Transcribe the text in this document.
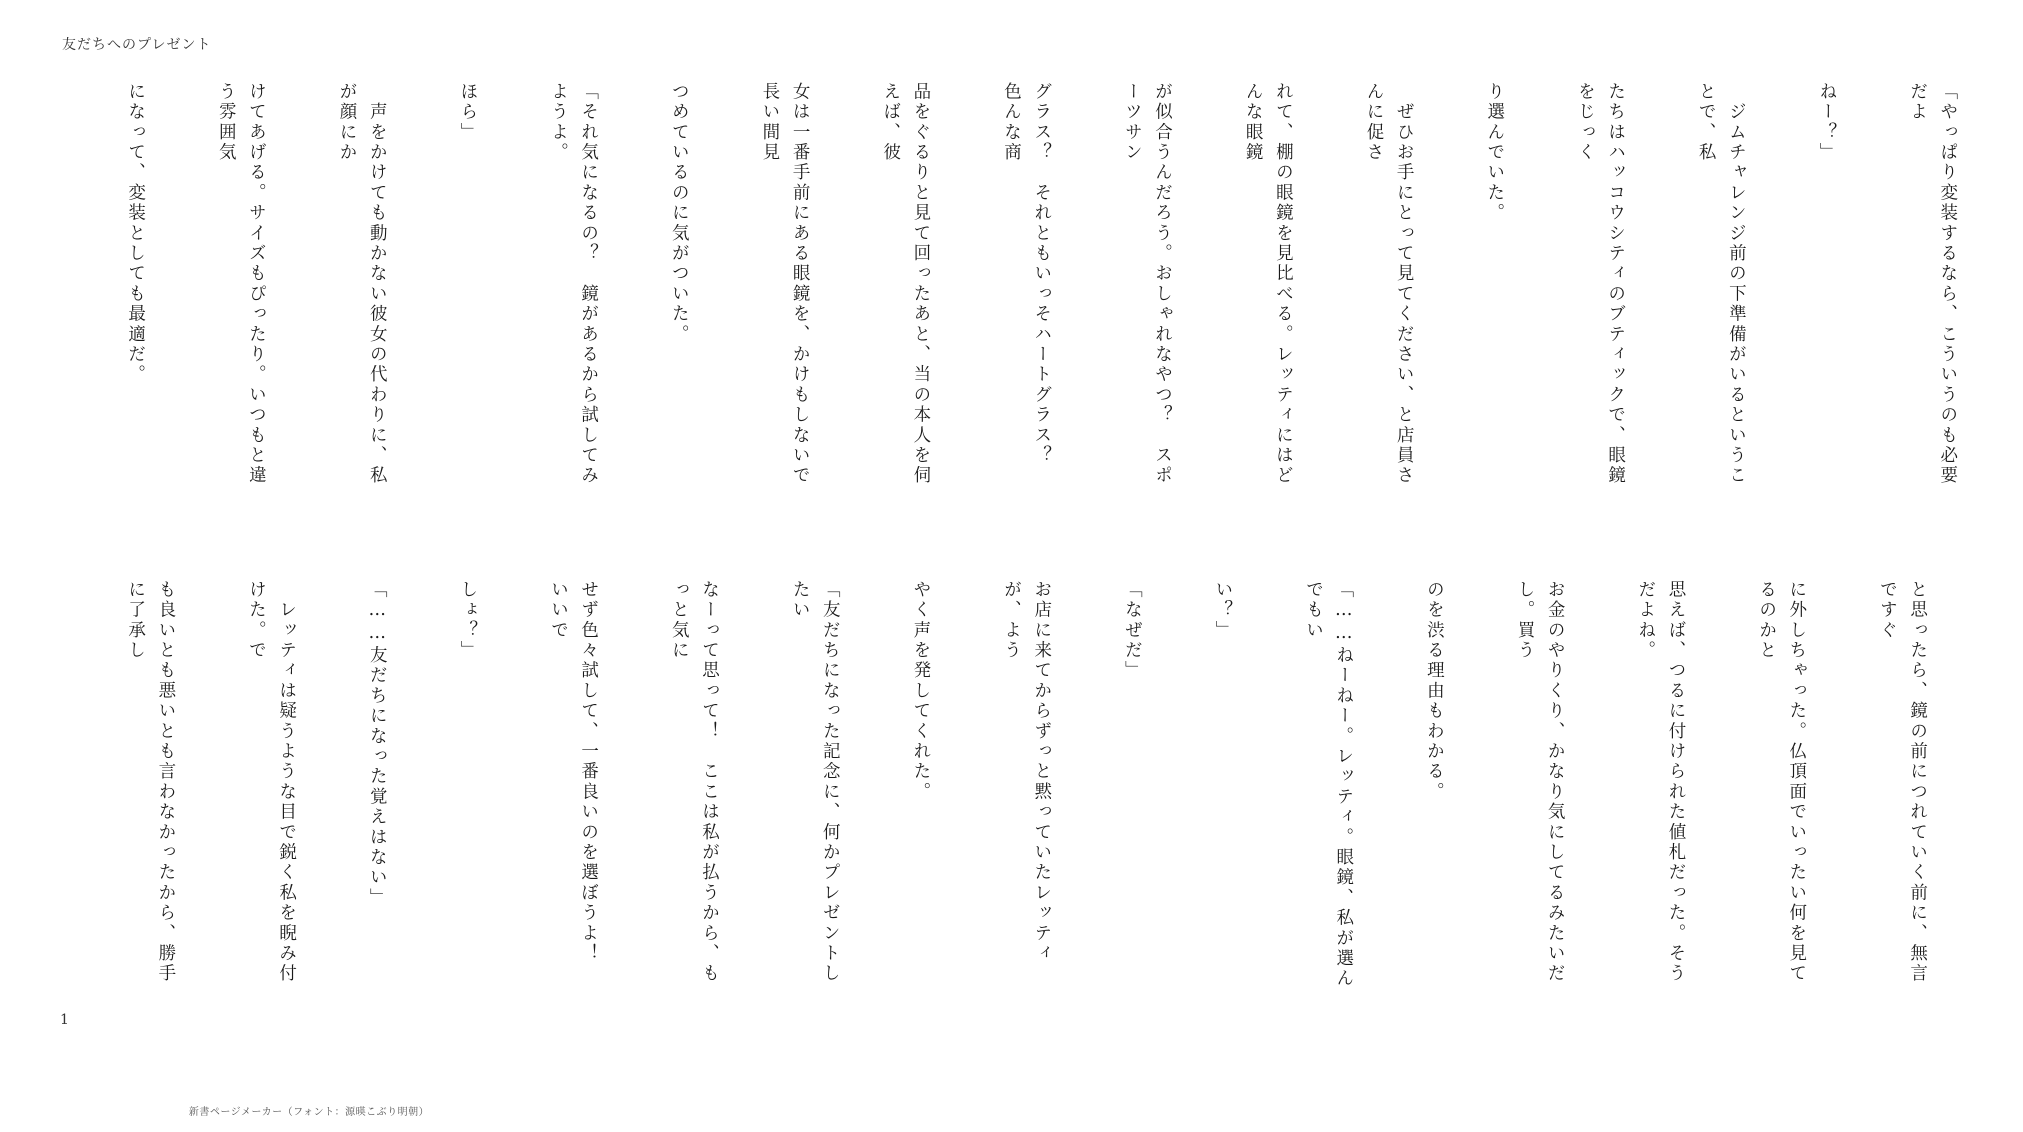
友だちへのプレゼント

「やっぱり変装するなら、こういうのも必要だよ

ねー？」

　ジムチャレンジ前の下準備がいるということで、私

たちはハッコウシティのブティックで、眼鏡をじっく

り選んでいた。

　ぜひお手にとって見てください、と店員さんに促さ

れて、棚の眼鏡を見比べる。レッティにはどんな眼鏡

が似合うんだろう。おしゃれなやつ？　スポーツサン

グラス？　それともいっそハートグラス？　色んな商

品をぐるりと見て回ったあと、当の本人を伺えば、彼

女は一番手前にある眼鏡を、かけもしないで長い間見

つめているのに気がついた。

「それ気になるの？　鏡があるから試してみようよ。

ほら」

　声をかけても動かない彼女の代わりに、私が顔にか

けてあげる。サイズもぴったり。いつもと違う雰囲気

になって、変装としても最適だ。

と思ったら、鏡の前につれていく前に、無言ですぐ

に外しちゃった。仏頂面でいったい何を見てるのかと

思えば、つるに付けられた値札だった。そうだよね。

お金のやりくり、かなり気にしてるみたいだし。買う

のを渋る理由もわかる。

「……ねーねー。レッティ。眼鏡、私が選んでもい

い？」

「なぜだ」

お店に来てからずっと黙っていたレッティが、よう

やく声を発してくれた。

「友だちになった記念に、何かプレゼントしたい

なーって思って！　ここは私が払うから、もっと気に

せず色々試して、一番良いのを選ぼうよ！　いいで

しょ？」

「……友だちになった覚えはない」

　レッティは疑うような目で鋭く私を睨み付けた。で

も良いとも悪いとも言わなかったから、勝手に了承し

1
新書ページメーカー（フォント：源暎こぶり明朝）
